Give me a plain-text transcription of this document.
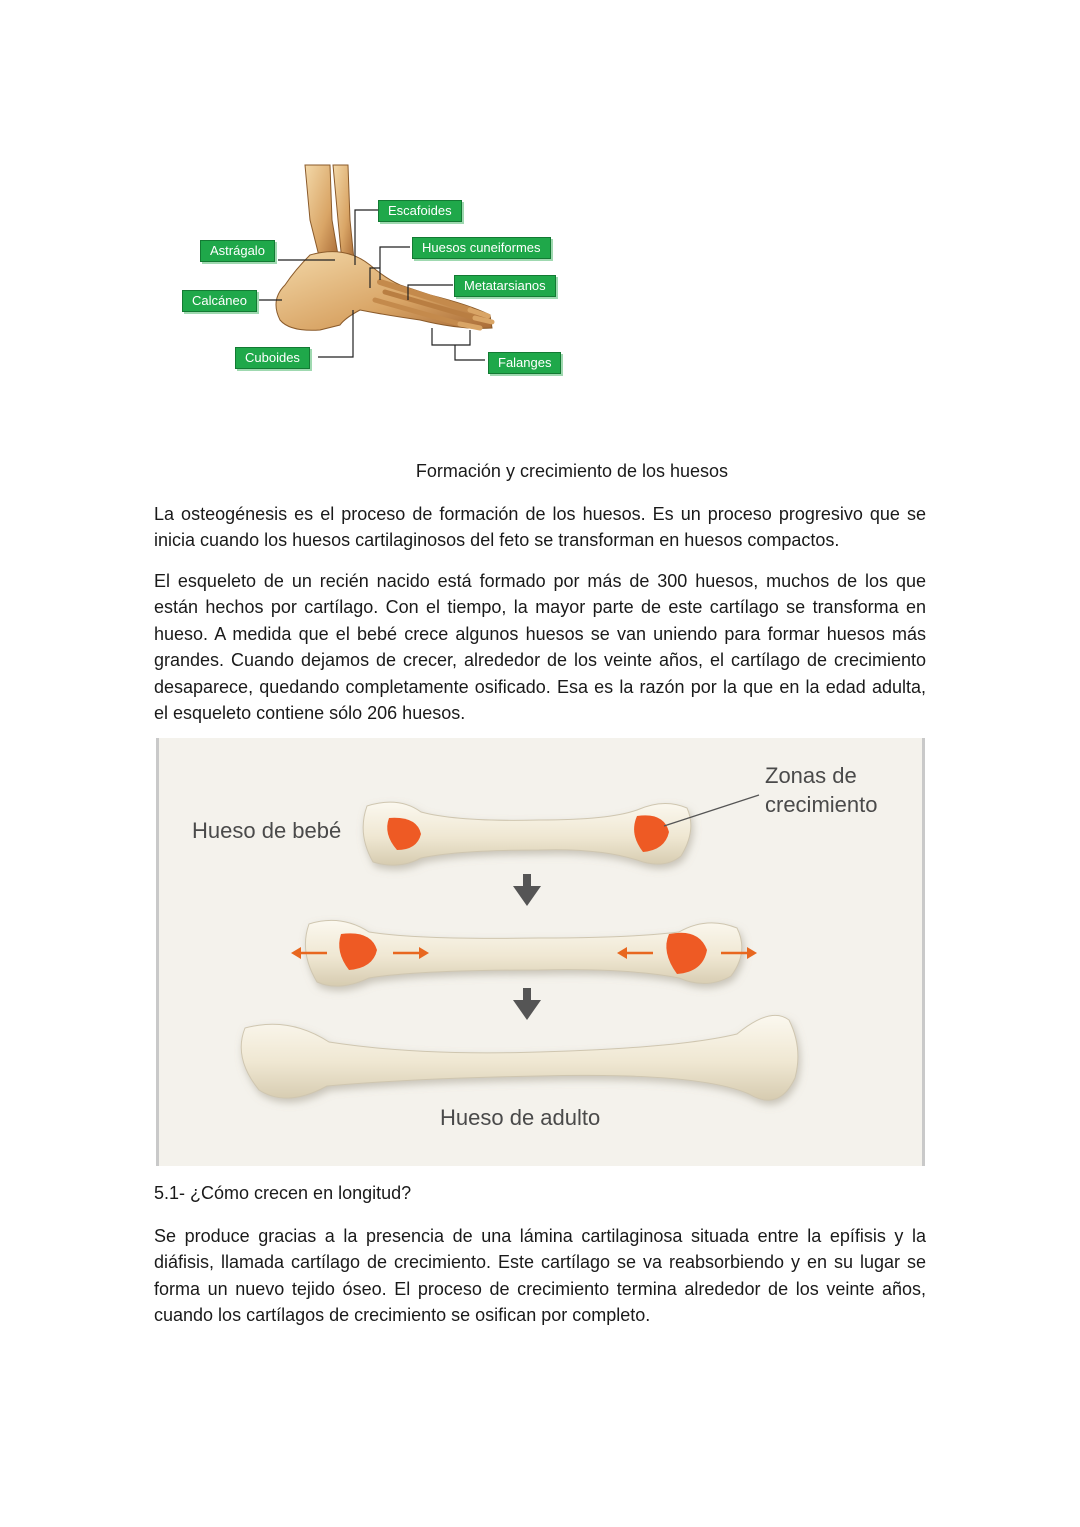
Escafoides
Astrágalo	Huesos cuneiformes
Metatarsianos
Calcáneo
Cuboides	Falanges
Formación y crecimiento de los huesos

La osteogénesis es el proceso de formación de los huesos. Es un proceso progresivo que se inicia cuando los huesos cartilaginosos del feto se transforman en huesos compactos.

El esqueleto de un recién nacido está formado por más de 300 huesos, muchos de los que están hechos por cartílago. Con el tiempo, la mayor parte de este cartílago se transforma en hueso. A medida que el bebé crece algunos huesos se van uniendo para formar huesos más grandes. Cuando dejamos de crecer, alrededor de los veinte años, el cartílago de crecimiento desaparece, quedando completamente osificado. Esa es la razón por la que en la edad adulta, el esqueleto contiene sólo 206 huesos.

Hueso de bebé
Zonas de
crecimiento
Hueso de adulto
5.1- ¿Cómo crecen en longitud?

Se produce gracias a la presencia de una lámina cartilaginosa situada entre la epífisis y la diáfisis, llamada cartílago de crecimiento. Este cartílago se va reabsorbiendo y en su lugar se forma un nuevo tejido óseo. El proceso de crecimiento termina alrededor de los veinte años, cuando los cartílagos de crecimiento se osifican por completo.
